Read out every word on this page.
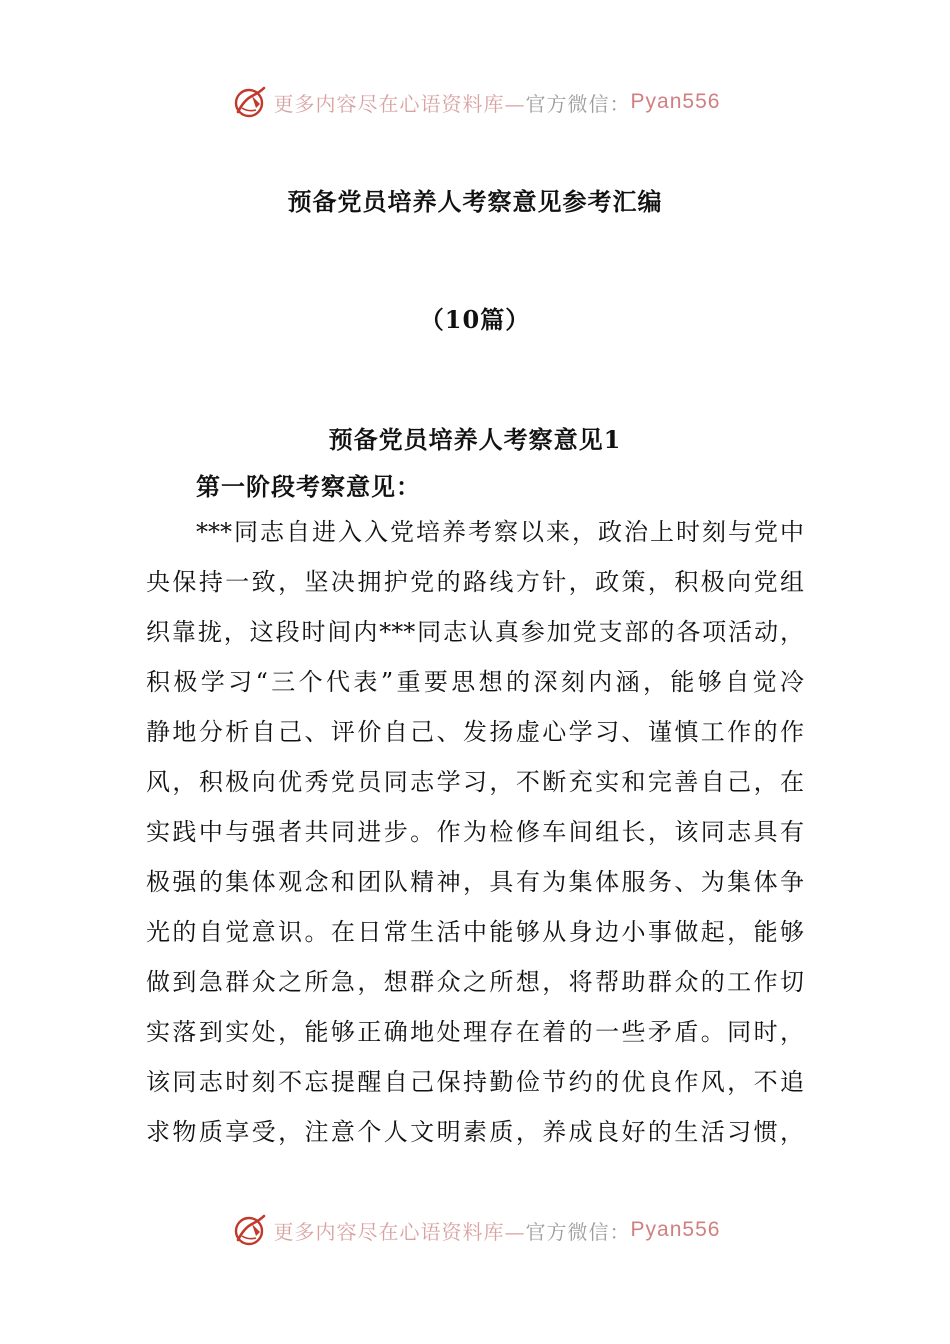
更多内容尽在心语资料库— 官方微信： Pyan556
预备党员培养人考察意见参考汇编
（10篇）
预备党员培养人考察意见1
第一阶段考察意见：
***同志自进入入党培养考察以来，政治上时刻与党中
央保持一致，坚决拥护党的路线方针，政策，积极向党组
织靠拢，这段时间内***同志认真参加党支部的各项活动，
积极学习“三个代表”重要思想的深刻内涵，能够自觉冷
静地分析自己、评价自己、发扬虚心学习、谨慎工作的作
风，积极向优秀党员同志学习，不断充实和完善自己，在
实践中与强者共同进步。作为检修车间组长，该同志具有
极强的集体观念和团队精神，具有为集体服务、为集体争
光的自觉意识。在日常生活中能够从身边小事做起，能够
做到急群众之所急，想群众之所想，将帮助群众的工作切
实落到实处，能够正确地处理存在着的一些矛盾。同时，
该同志时刻不忘提醒自己保持勤俭节约的优良作风，不追
求物质享受，注意个人文明素质，养成良好的生活习惯，
更多内容尽在心语资料库— 官方微信： Pyan556
